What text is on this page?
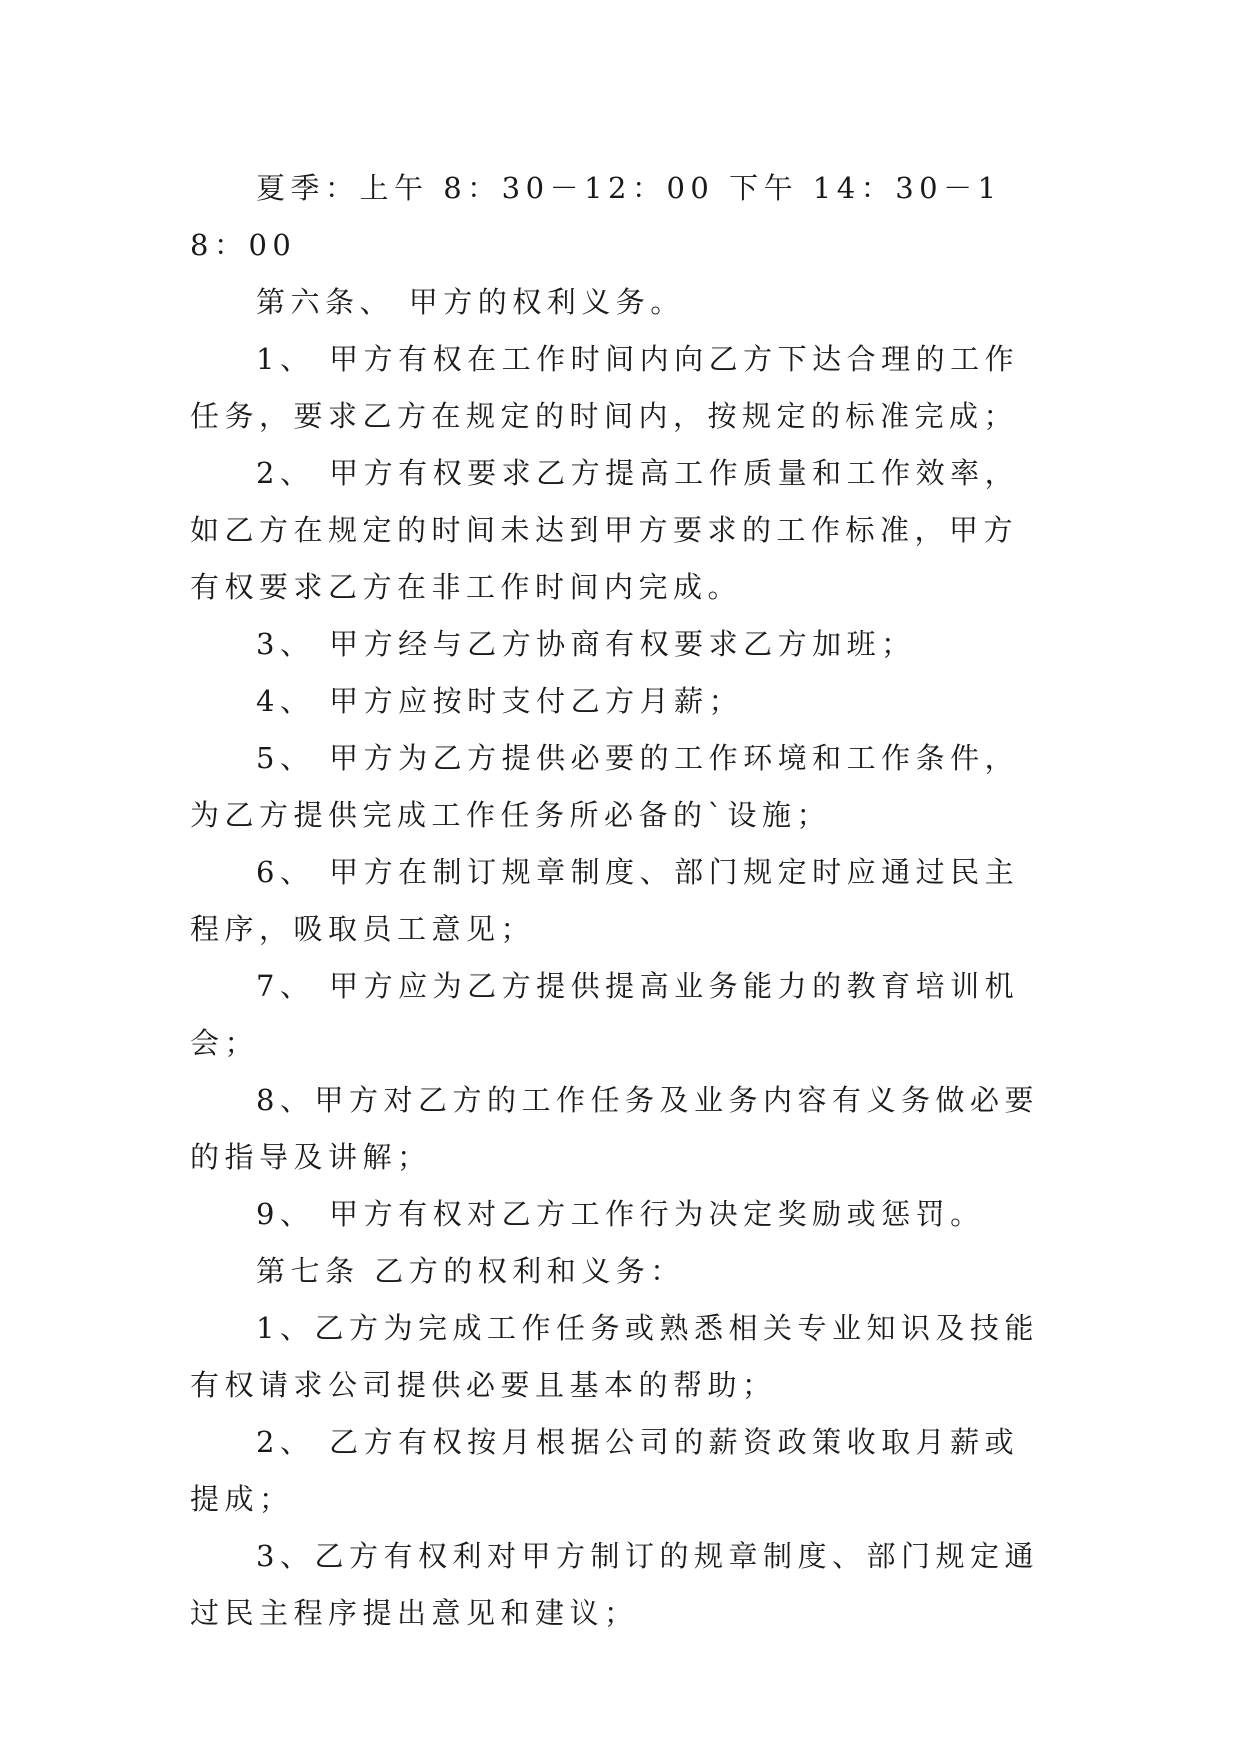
夏季：上午 8：30－12：00 下午 14：30－18：00

第六条、 甲方的权利义务。

1、 甲方有权在工作时间内向乙方下达合理的工作任务，要求乙方在规定的时间内，按规定的标准完成；

2、 甲方有权要求乙方提高工作质量和工作效率，如乙方在规定的时间未达到甲方要求的工作标准，甲方有权要求乙方在非工作时间内完成。

3、 甲方经与乙方协商有权要求乙方加班；

4、 甲方应按时支付乙方月薪；

5、 甲方为乙方提供必要的工作环境和工作条件，为乙方提供完成工作任务所必备的`设施；

6、 甲方在制订规章制度、部门规定时应通过民主程序，吸取员工意见；

7、 甲方应为乙方提供提高业务能力的教育培训机会；

8、甲方对乙方的工作任务及业务内容有义务做必要的指导及讲解；

9、 甲方有权对乙方工作行为决定奖励或惩罚。

第七条 乙方的权利和义务：

1、乙方为完成工作任务或熟悉相关专业知识及技能有权请求公司提供必要且基本的帮助；

2、 乙方有权按月根据公司的薪资政策收取月薪或提成；

3、乙方有权利对甲方制订的规章制度、部门规定通过民主程序提出意见和建议；
